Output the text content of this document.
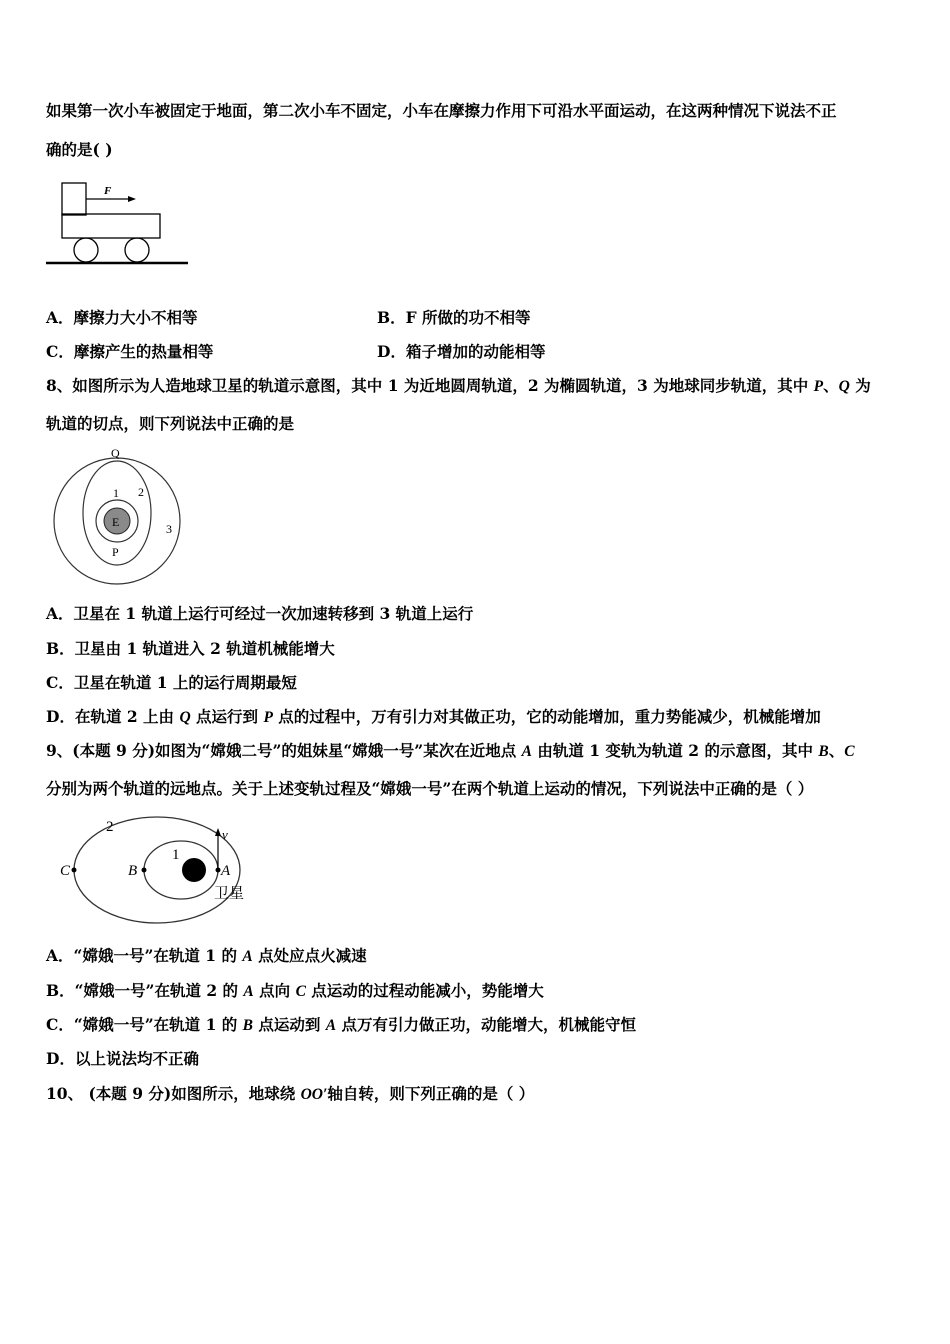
如果第一次小车被固定于地面，第二次小车不固定，小车在摩擦力作用下可沿水平面运动，在这两种情况下说法不正
确的是( )
F
A．摩擦力大小不相等	B．F 所做的功不相等
C．摩擦产生的热量相等	D．箱子增加的动能相等
8、如图所示为人造地球卫星的轨道示意图，其中 1 为近地圆周轨道，2 为椭圆轨道，3 为地球同步轨道，其中 P、Q 为
轨道的切点，则下列说法中正确的是
E
Q
P
1 2
3
A．卫星在 1 轨道上运行可经过一次加速转移到 3 轨道上运行
B．卫星由 1 轨道进入 2 轨道机械能增大
C．卫星在轨道 1 上的运行周期最短
D．在轨道 2 上由 Q 点运行到 P 点的过程中，万有引力对其做正功，它的动能增加，重力势能减少，机械能增加
9、(本题 9 分)如图为“嫦娥二号”的姐妹星“嫦娥一号”某次在近地点 A 由轨道 1 变轨为轨道 2 的示意图，其中 B、C
分别为两个轨道的远地点。关于上述变轨过程及“嫦娥一号”在两个轨道上运动的情况，下列说法中正确的是（ ）
v
2
1
C	B	A
卫星
A．“嫦娥一号”在轨道 1 的 A 点处应点火减速
B．“嫦娥一号”在轨道 2 的 A 点向 C 点运动的过程动能减小，势能增大
C．“嫦娥一号”在轨道 1 的 B 点运动到 A 点万有引力做正功，动能增大，机械能守恒
D．以上说法均不正确
10、 (本题 9 分)如图所示，地球绕 OO′轴自转，则下列正确的是（ ）
